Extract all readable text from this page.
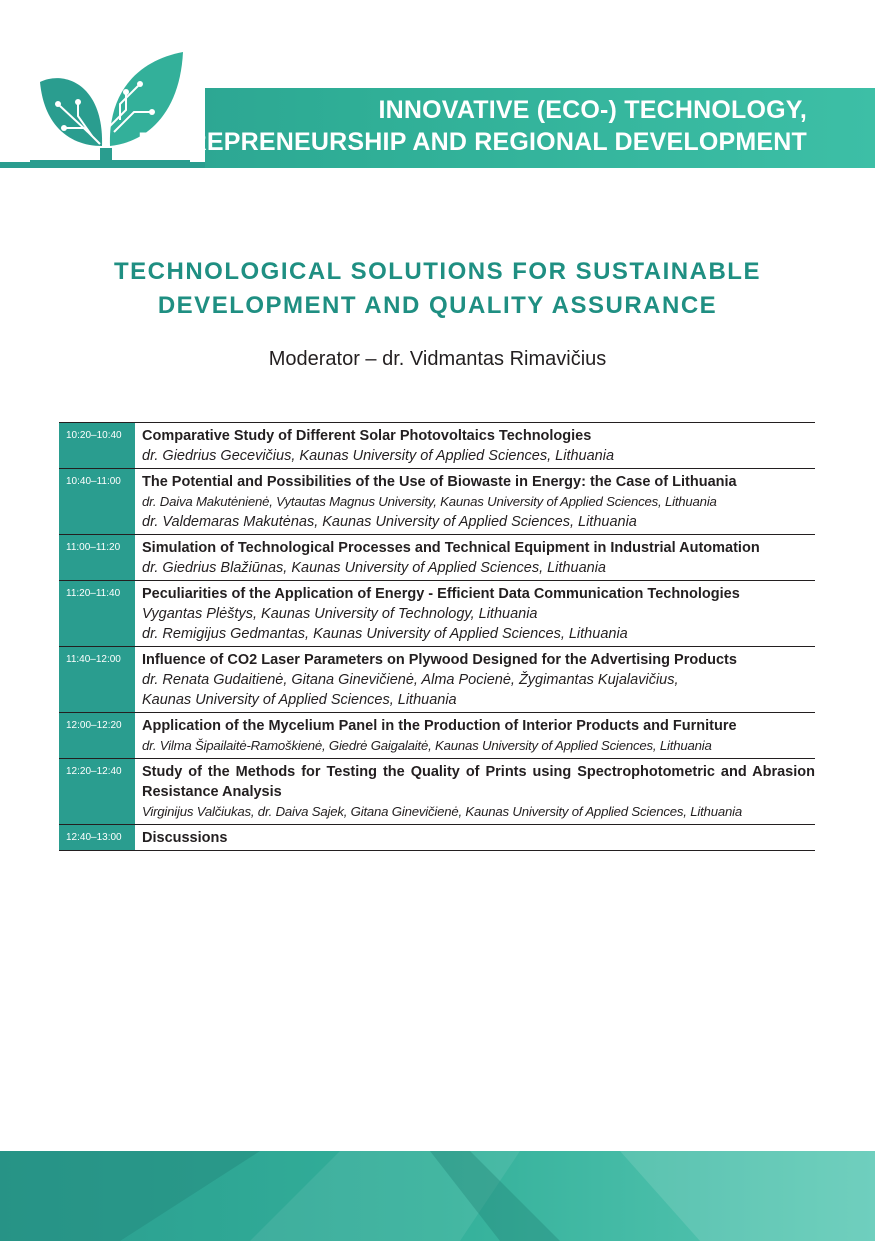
INNOVATIVE (ECO-) TECHNOLOGY,
ENTREPRENEURSHIP AND REGIONAL DEVELOPMENT
TECHNOLOGICAL SOLUTIONS FOR SUSTAINABLE
DEVELOPMENT AND QUALITY ASSURANCE
Moderator – dr. Vidmantas Rimavičius
10:20–10:40	Comparative Study of Different Solar Photovoltaics Technologies
dr. Giedrius Gecevičius, Kaunas University of Applied Sciences, Lithuania
10:40–11:00	The Potential and Possibilities of the Use of Biowaste in Energy: the Case of Lithuania
dr. Daiva Makutėnienė, Vytautas Magnus University, Kaunas University of Applied Sciences, Lithuania
dr. Valdemaras Makutėnas, Kaunas University of Applied Sciences, Lithuania
11:00–11:20	Simulation of Technological Processes and Technical Equipment in Industrial Automation
dr. Giedrius Blažiūnas, Kaunas University of Applied Sciences, Lithuania
11:20–11:40	Peculiarities of the Application of Energy - Efficient Data Communication Technologies
Vygantas Plėštys, Kaunas University of Technology, Lithuania
dr. Remigijus Gedmantas, Kaunas University of Applied Sciences, Lithuania
11:40–12:00	Influence of CO2 Laser Parameters on Plywood Designed for the Advertising Products
dr. Renata Gudaitienė, Gitana Ginevičienė, Alma Pocienė, Žygimantas Kujalavičius,
Kaunas University of Applied Sciences, Lithuania
12:00–12:20	Application of the Mycelium Panel in the Production of Interior Products and Furniture
dr. Vilma Šipailaitė-Ramoškienė, Giedrė Gaigalaitė, Kaunas University of Applied Sciences, Lithuania
12:20–12:40	Study of the Methods for Testing the Quality of Prints using Spectrophotometric and Abrasion Resistance Analysis
Virginijus Valčiukas, dr. Daiva Sajek, Gitana Ginevičienė, Kaunas University of Applied Sciences, Lithuania
12:40–13:00	Discussions
